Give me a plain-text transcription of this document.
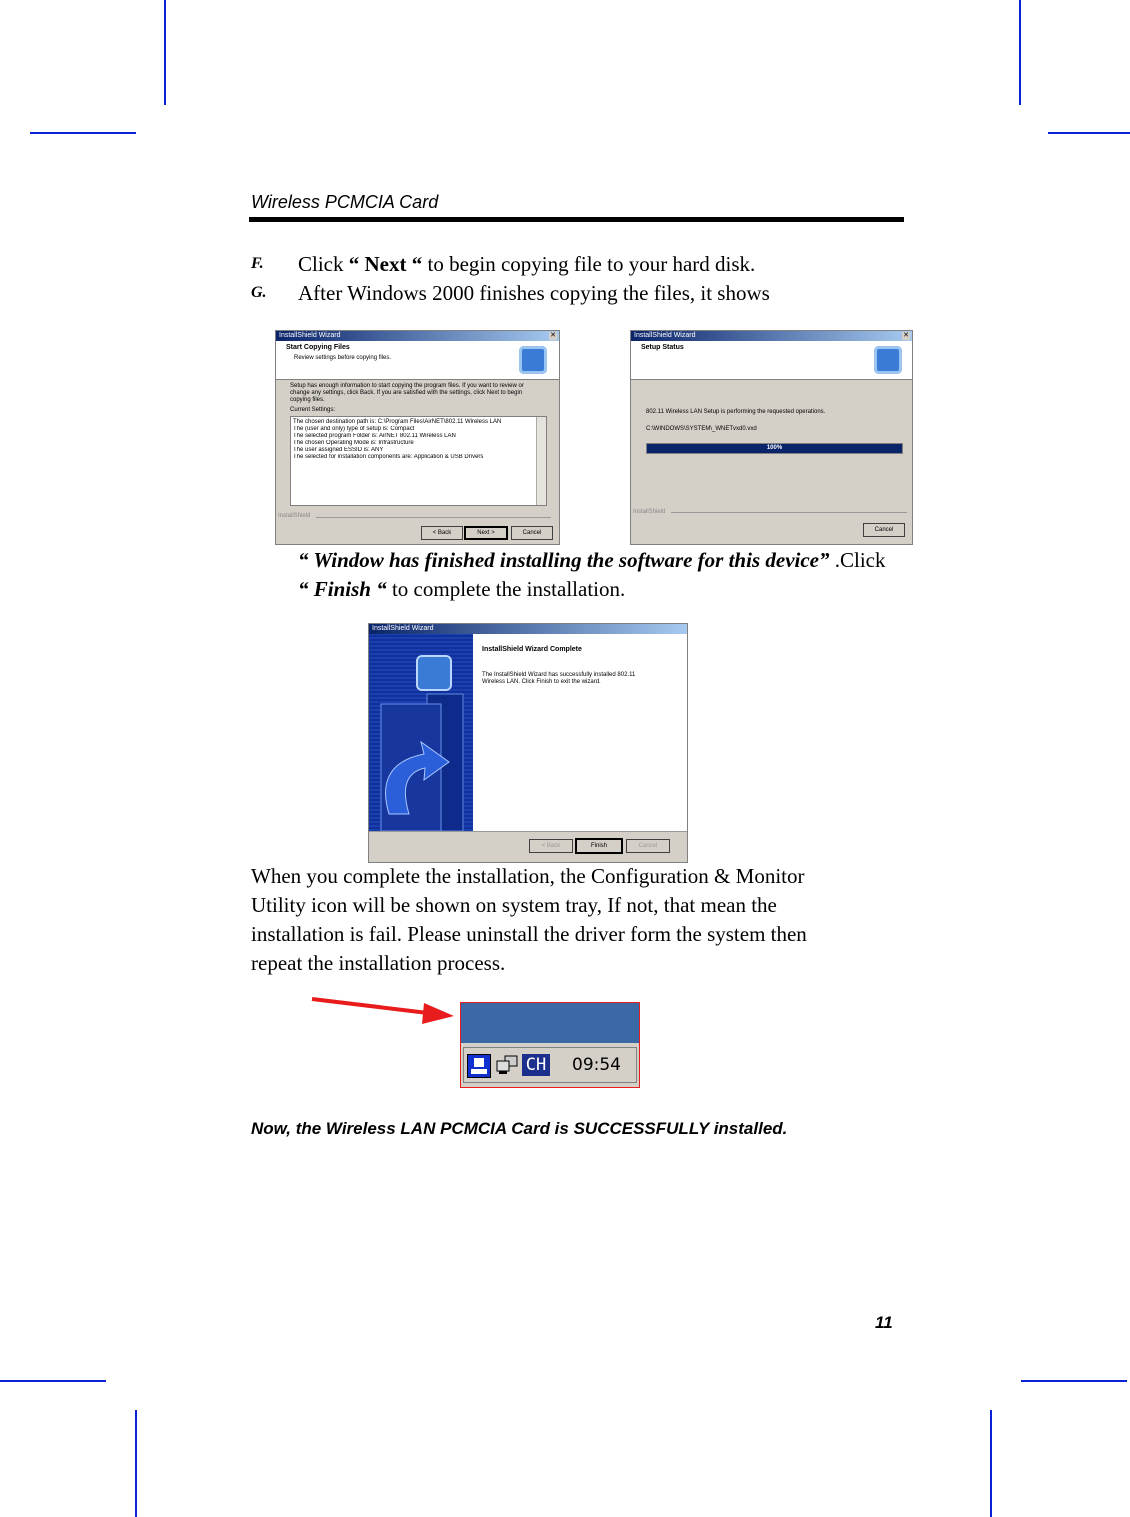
Wireless PCMCIA Card
F. Click “ Next “ to begin copying file to your hard disk.
G. After Windows 2000 finishes copying the files, it shows
InstallShield Wizard	✕
Start Copying Files
Review settings before copying files.
Setup has enough information to start copying the program files. If you want to review or change any settings, click Back. If you are satisfied with the settings, click Next to begin copying files.
Current Settings:
The chosen destination path is: C:\Program Files\AirNET\802.11 Wireless LAN
The (user and only) type of setup is: Compact
The selected program Folder is: AirNET 802.11 Wireless LAN
The chosen Operating Mode is: Infrastructure
The user assigned ESSID is: ANY
The selected for installation components are: Application & USB Drivers
InstallShield
< Back	Next >	Cancel
InstallShield Wizard	✕
Setup Status
802.11 Wireless LAN Setup is performing the requested operations.
C:\WINDOWS\SYSTEM\_WNETvxd0.vxd
100%
InstallShield
Cancel
“ Window has finished installing the software for this device” .Click “ Finish “ to complete the installation.
InstallShield Wizard
InstallShield Wizard Complete
The InstallShield Wizard has successfully installed 802.11 Wireless LAN. Click Finish to exit the wizard.
< Back	Finish	Cancel
When you complete the installation, the Configuration & Monitor Utility icon will be shown on system tray, If not, that mean the installation is fail. Please uninstall the driver form the system then repeat the installation process.
CH 09:54
Now, the Wireless LAN PCMCIA Card is SUCCESSFULLY installed.
11
